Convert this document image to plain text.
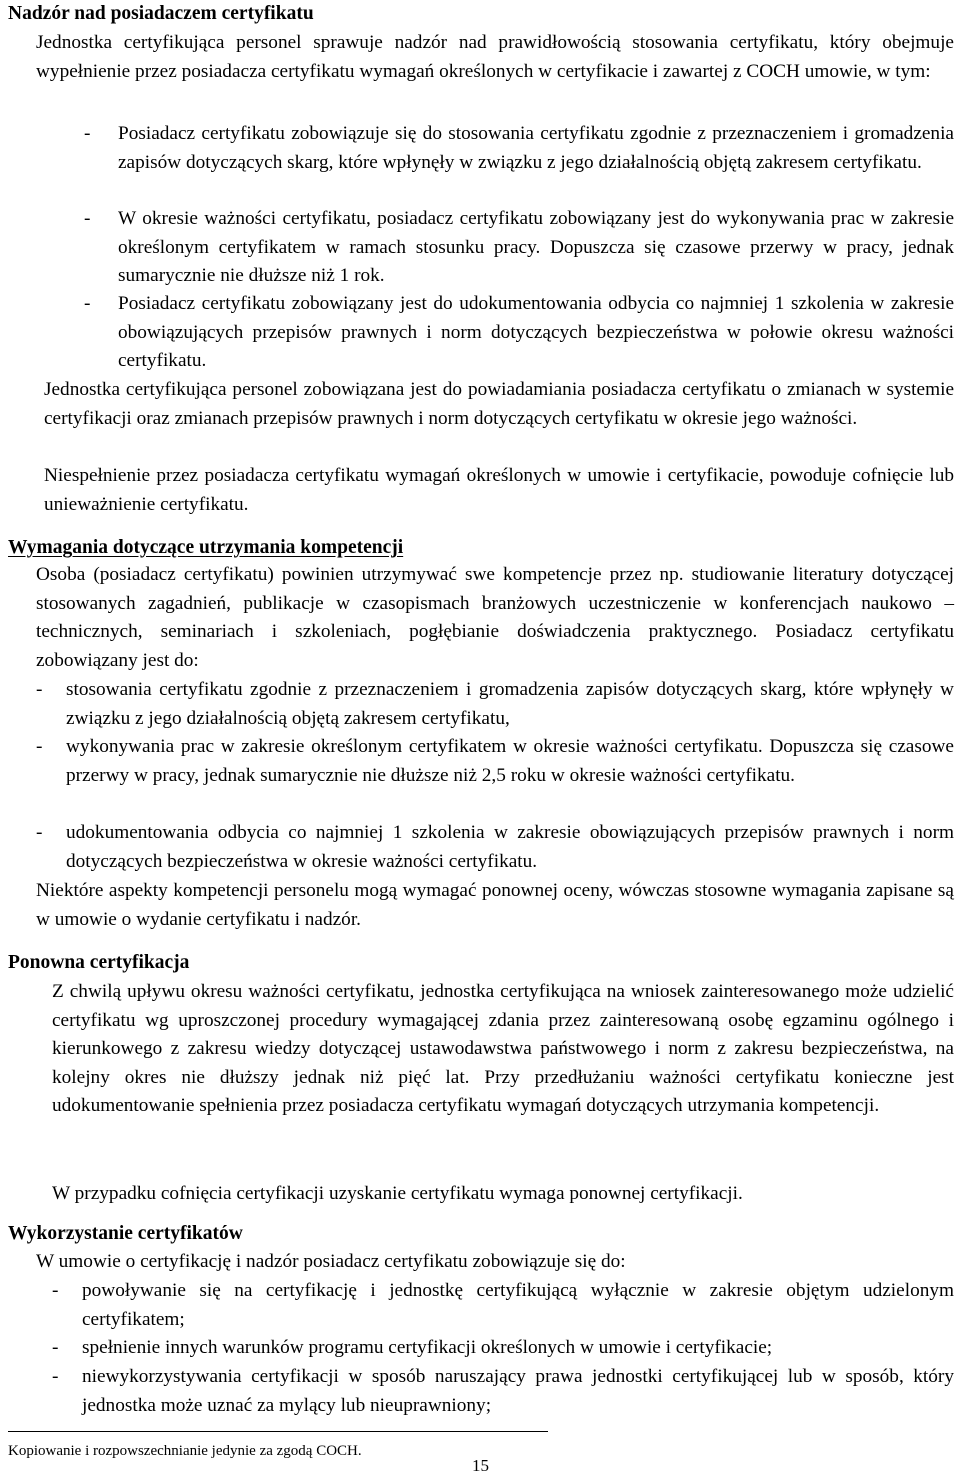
Nadzór nad posiadaczem certyfikatu

Jednostka certyfikująca personel sprawuje nadzór nad prawidłowością stosowania certyfikatu, który obejmuje wypełnienie przez posiadacza certyfikatu wymagań określonych w certyfikacie i zawartej z COCH umowie, w tym:

- Posiadacz certyfikatu zobowiązuje się do stosowania certyfikatu zgodnie z przeznaczeniem i gromadzenia zapisów dotyczących skarg, które wpłynęły w związku z jego działalnością objętą zakresem certyfikatu.

- W okresie ważności certyfikatu, posiadacz certyfikatu zobowiązany jest do wykonywania prac w zakresie określonym certyfikatem w ramach stosunku pracy. Dopuszcza się czasowe przerwy w pracy, jednak sumarycznie nie dłuższe niż 1 rok.

- Posiadacz certyfikatu zobowiązany jest do udokumentowania odbycia co najmniej 1 szkolenia w zakresie obowiązujących przepisów prawnych i norm dotyczących bezpieczeństwa w połowie okresu ważności certyfikatu.

Jednostka certyfikująca personel zobowiązana jest do powiadamiania posiadacza certyfikatu o zmianach w systemie certyfikacji oraz zmianach przepisów prawnych i norm dotyczących certyfikatu w okresie jego ważności.

Niespełnienie przez posiadacza certyfikatu wymagań określonych w umowie i certyfikacie, powoduje cofnięcie lub unieważnienie certyfikatu.

Wymagania dotyczące utrzymania kompetencji

Osoba (posiadacz certyfikatu) powinien utrzymywać swe kompetencje przez np. studiowanie literatury dotyczącej stosowanych zagadnień, publikacje w czasopismach branżowych uczestniczenie w konferencjach naukowo – technicznych, seminariach i szkoleniach, pogłębianie doświadczenia praktycznego. Posiadacz certyfikatu zobowiązany jest do:

- stosowania certyfikatu zgodnie z przeznaczeniem i gromadzenia zapisów dotyczących skarg, które wpłynęły w związku z jego działalnością objętą zakresem certyfikatu,

- wykonywania prac w zakresie określonym certyfikatem w okresie ważności certyfikatu. Dopuszcza się czasowe przerwy w pracy, jednak sumarycznie nie dłuższe niż 2,5 roku w okresie ważności certyfikatu.

- udokumentowania odbycia co najmniej 1 szkolenia w zakresie obowiązujących przepisów prawnych i norm dotyczących bezpieczeństwa w okresie ważności certyfikatu.

Niektóre aspekty kompetencji personelu mogą wymagać ponownej oceny, wówczas stosowne wymagania zapisane są w umowie o wydanie certyfikatu i nadzór.

Ponowna certyfikacja

Z chwilą upływu okresu ważności certyfikatu, jednostka certyfikująca na wniosek zainteresowanego może udzielić certyfikatu wg uproszczonej procedury wymagającej zdania przez zainteresowaną osobę egzaminu ogólnego i kierunkowego z zakresu wiedzy dotyczącej ustawodawstwa państwowego i norm z zakresu bezpieczeństwa, na kolejny okres nie dłuższy jednak niż pięć lat. Przy przedłużaniu ważności certyfikatu konieczne jest udokumentowanie spełnienia przez posiadacza certyfikatu wymagań dotyczących utrzymania kompetencji.

W przypadku cofnięcia certyfikacji uzyskanie certyfikatu wymaga ponownej certyfikacji.

Wykorzystanie certyfikatów

W umowie o certyfikację i nadzór posiadacz certyfikatu zobowiązuje się do:

- powoływanie się na certyfikację i jednostkę certyfikującą wyłącznie w zakresie objętym udzielonym certyfikatem;

- spełnienie innych warunków programu certyfikacji określonych w umowie i certyfikacie;

- niewykorzystywania certyfikacji w sposób naruszający prawa jednostki certyfikującej lub w sposób, który jednostka może uznać za mylący lub nieuprawniony;

Kopiowanie i rozpowszechnianie jedynie za zgodą COCH.
15
